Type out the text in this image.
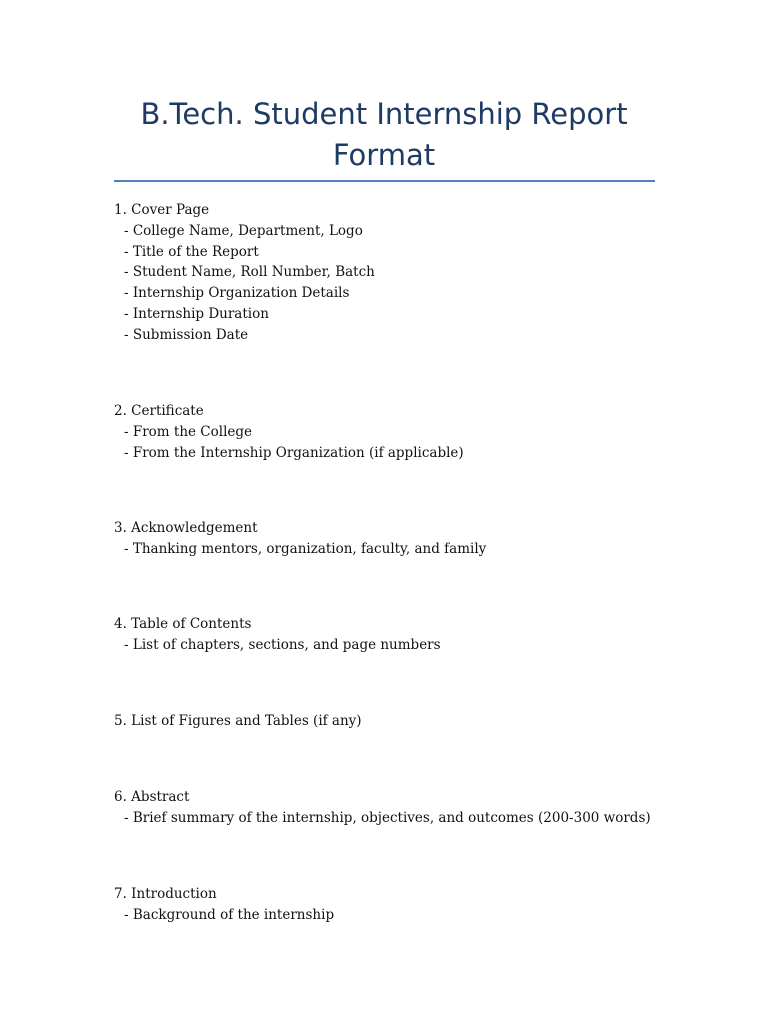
B.Tech. Student Internship Report Format
1. Cover Page
- College Name, Department, Logo
- Title of the Report
- Student Name, Roll Number, Batch
- Internship Organization Details
- Internship Duration
- Submission Date
2. Certificate
- From the College
- From the Internship Organization (if applicable)
3. Acknowledgement
- Thanking mentors, organization, faculty, and family
4. Table of Contents
- List of chapters, sections, and page numbers
5. List of Figures and Tables (if any)
6. Abstract
- Brief summary of the internship, objectives, and outcomes (200-300 words)
7. Introduction
- Background of the internship
